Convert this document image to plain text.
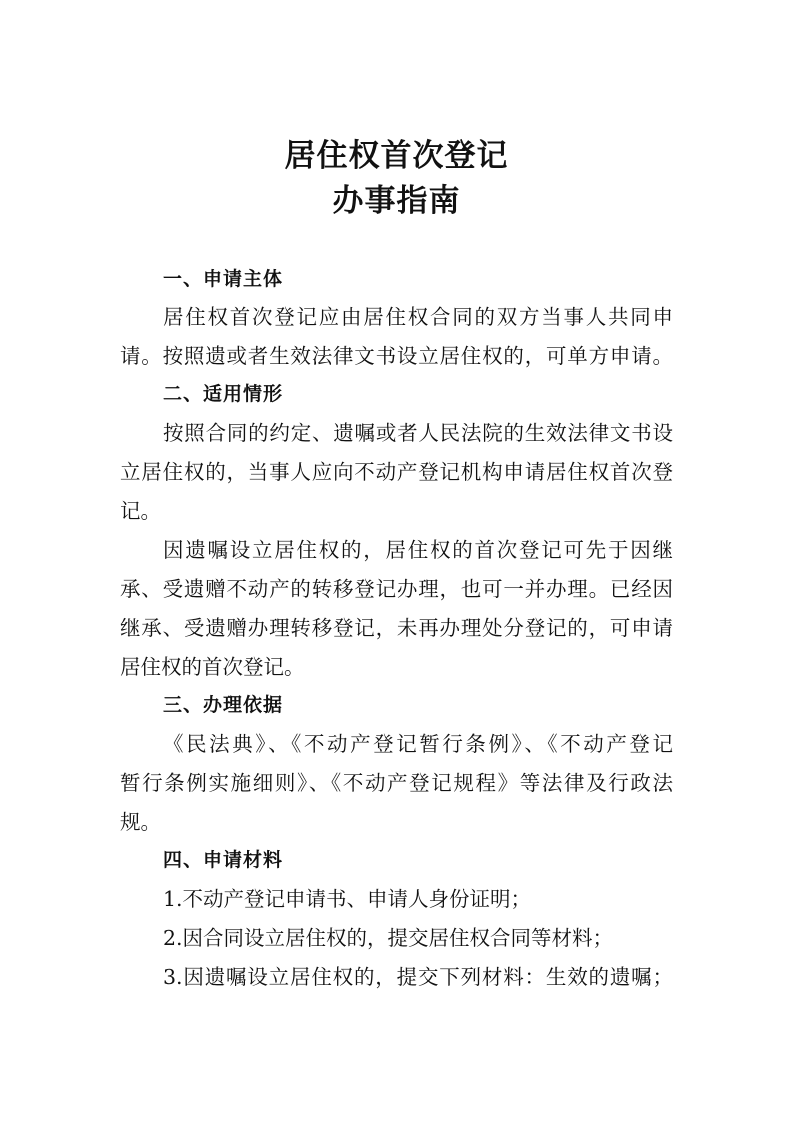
居住权首次登记
办事指南
一、申请主体
居住权首次登记应由居住权合同的双方当事人共同申
请。按照遗或者生效法律文书设立居住权的，可单方申请。
二、适用情形
按照合同的约定、遗嘱或者人民法院的生效法律文书设
立居住权的，当事人应向不动产登记机构申请居住权首次登
记。
因遗嘱设立居住权的，居住权的首次登记可先于因继
承、受遗赠不动产的转移登记办理，也可一并办理。已经因
继承、受遗赠办理转移登记，未再办理处分登记的，可申请
居住权的首次登记。
三、办理依据
《民法典》、《不动产登记暂行条例》、《不动产登记
暂行条例实施细则》、《不动产登记规程》等法律及行政法
规。
四、申请材料
1.不动产登记申请书、申请人身份证明；
2.因合同设立居住权的，提交居住权合同等材料；
3.因遗嘱设立居住权的，提交下列材料：生效的遗嘱；
